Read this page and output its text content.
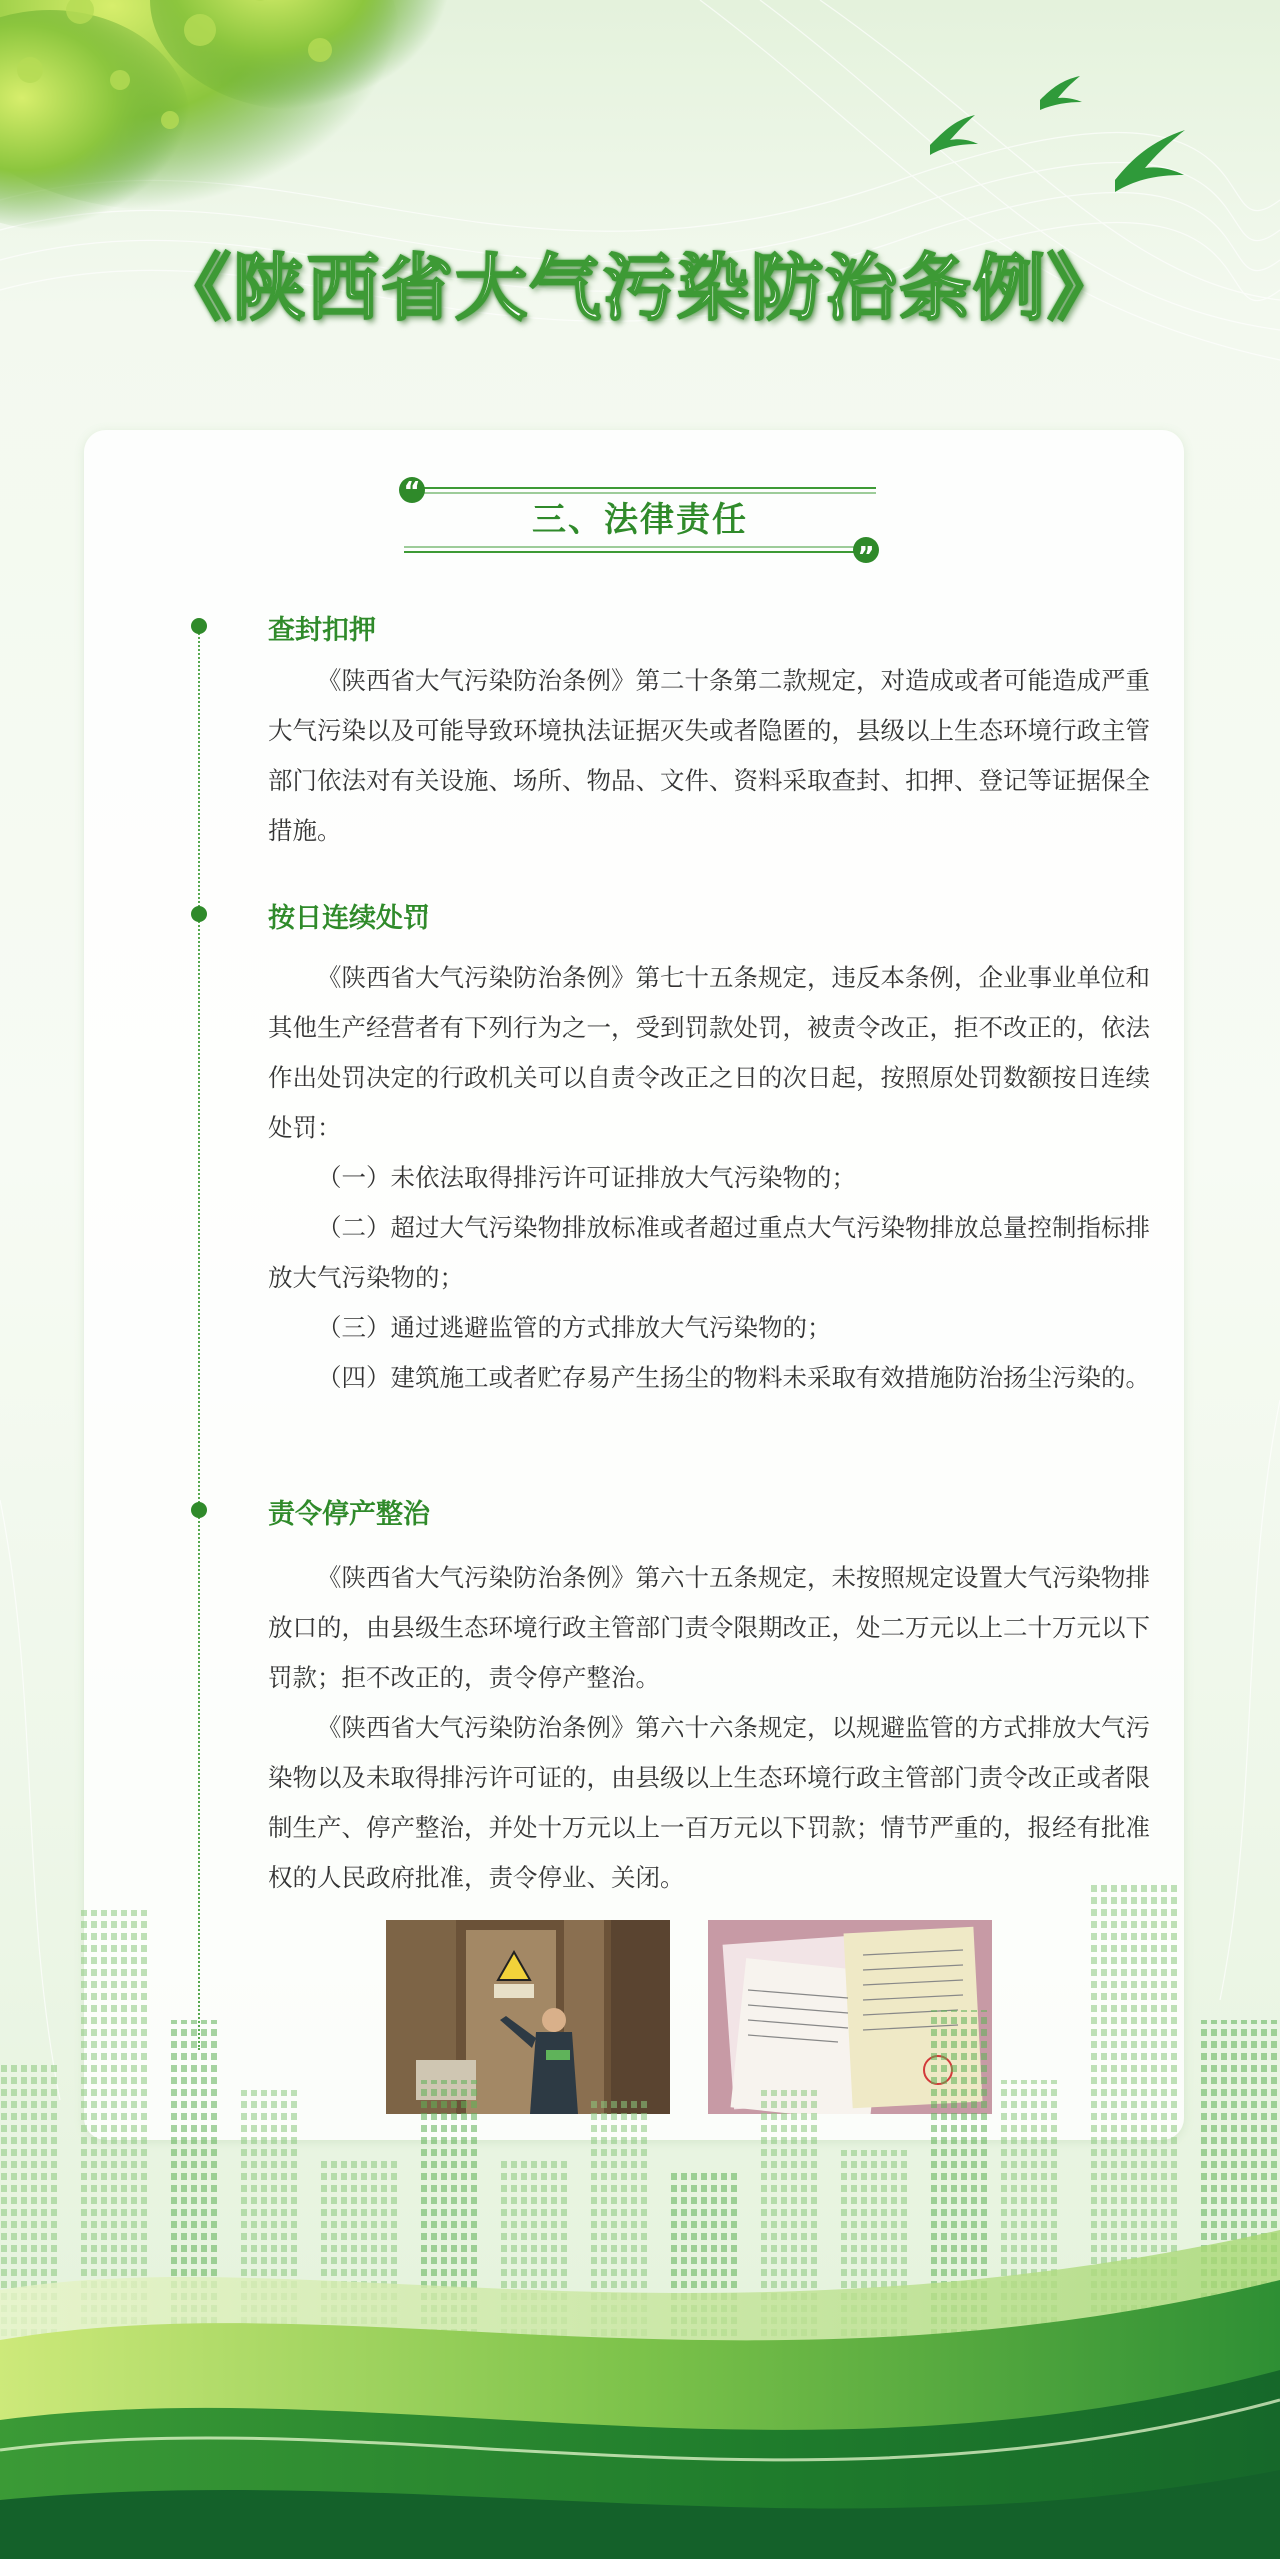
《陕西省大气污染防治条例》
“
”
三、法律责任
查封扣押

《陕西省大气污染防治条例》第二十条第二款规定，对造成或者可能造成严重大气污染以及可能导致环境执法证据灭失或者隐匿的，县级以上生态环境行政主管部门依法对有关设施、场所、物品、文件、资料采取查封、扣押、登记等证据保全措施。

按日连续处罚

《陕西省大气污染防治条例》第七十五条规定，违反本条例，企业事业单位和其他生产经营者有下列行为之一，受到罚款处罚，被责令改正，拒不改正的，依法作出处罚决定的行政机关可以自责令改正之日的次日起，按照原处罚数额按日连续处罚：

（一）未依法取得排污许可证排放大气污染物的；

（二）超过大气污染物排放标准或者超过重点大气污染物排放总量控制指标排放大气污染物的；

（三）通过逃避监管的方式排放大气污染物的；

（四）建筑施工或者贮存易产生扬尘的物料未采取有效措施防治扬尘污染的。

责令停产整治

《陕西省大气污染防治条例》第六十五条规定，未按照规定设置大气污染物排放口的，由县级生态环境行政主管部门责令限期改正，处二万元以上二十万元以下罚款；拒不改正的，责令停产整治。

《陕西省大气污染防治条例》第六十六条规定，以规避监管的方式排放大气污染物以及未取得排污许可证的，由县级以上生态环境行政主管部门责令改正或者限制生产、停产整治，并处十万元以上一百万元以下罚款；情节严重的，报经有批准权的人民政府批准，责令停业、关闭。
